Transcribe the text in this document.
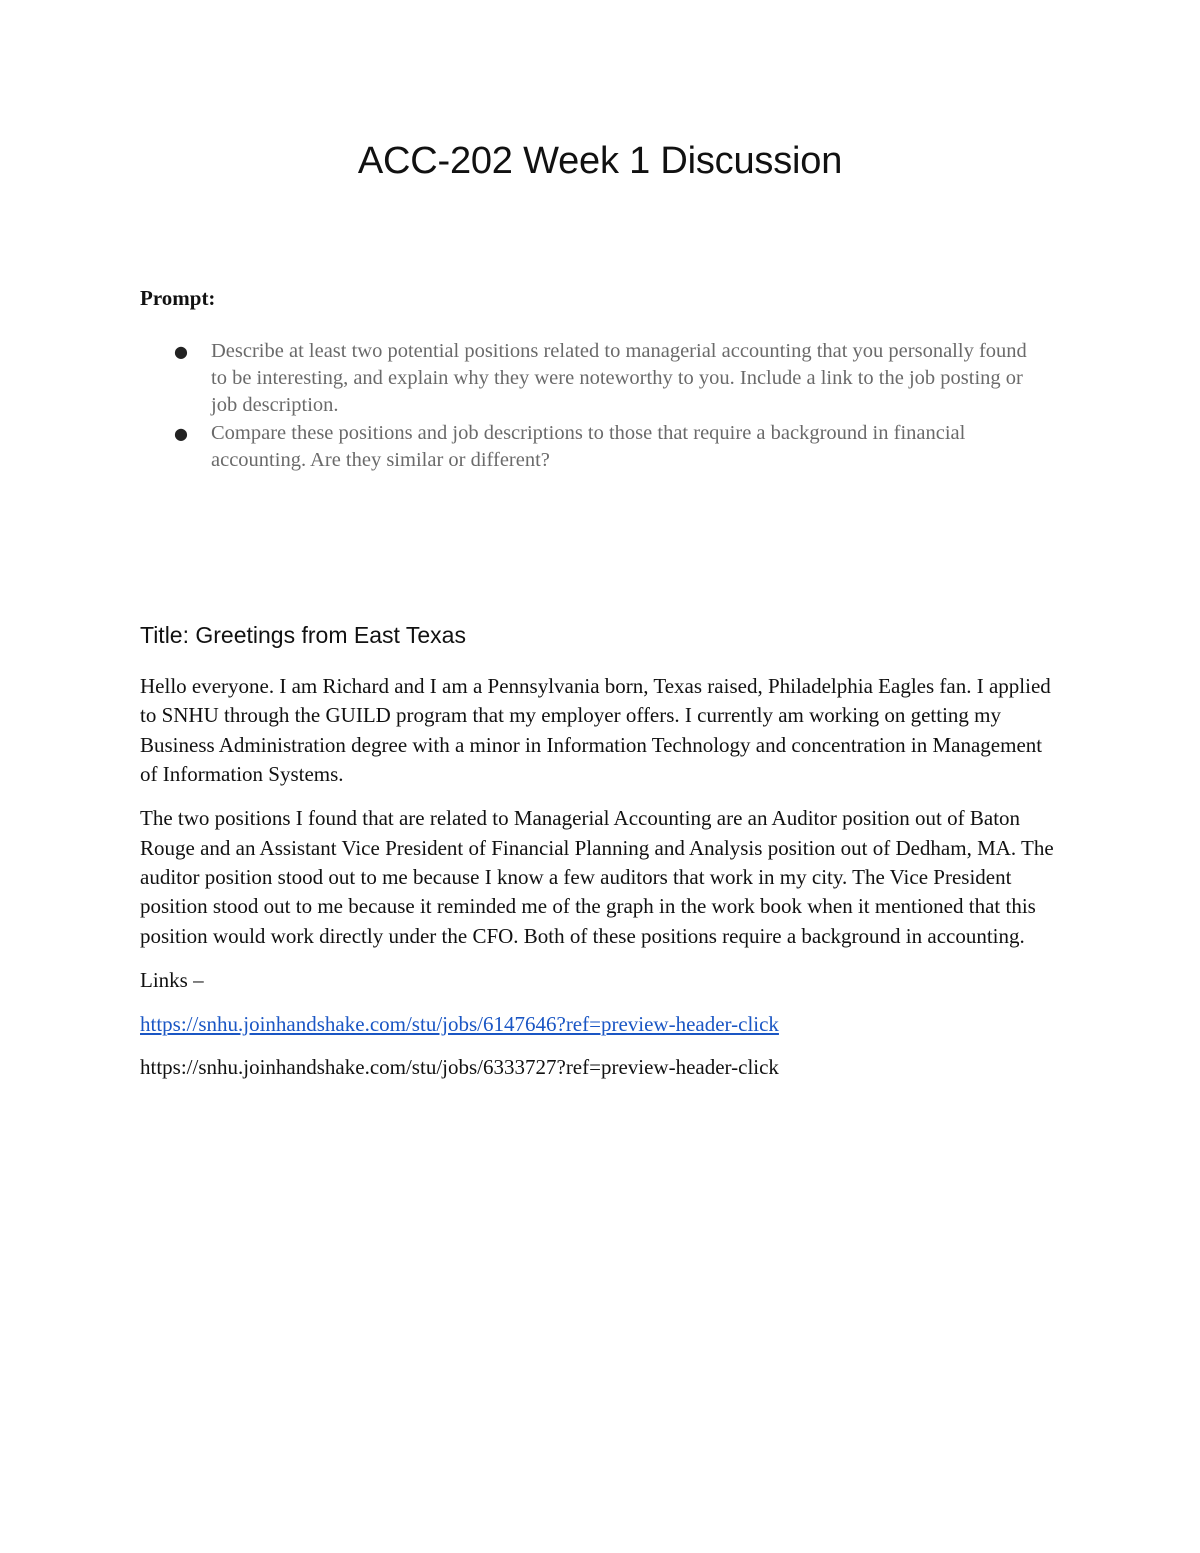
ACC-202 Week 1 Discussion
Prompt:
● Describe at least two potential positions related to managerial accounting that you personally found to be interesting, and explain why they were noteworthy to you. Include a link to the job posting or job description.
● Compare these positions and job descriptions to those that require a background in financial accounting. Are they similar or different?
Title: Greetings from East Texas

Hello everyone. I am Richard and I am a Pennsylvania born, Texas raised, Philadelphia Eagles fan. I applied to SNHU through the GUILD program that my employer offers. I currently am working on getting my Business Administration degree with a minor in Information Technology and concentration in Management of Information Systems.

The two positions I found that are related to Managerial Accounting are an Auditor position out of Baton Rouge and an Assistant Vice President of Financial Planning and Analysis position out of Dedham, MA. The auditor position stood out to me because I know a few auditors that work in my city. The Vice President position stood out to me because it reminded me of the graph in the work book when it mentioned that this position would work directly under the CFO. Both of these positions require a background in accounting.

Links –

https://snhu.joinhandshake.com/stu/jobs/6147646?ref=preview-header-click

https://snhu.joinhandshake.com/stu/jobs/6333727?ref=preview-header-click
